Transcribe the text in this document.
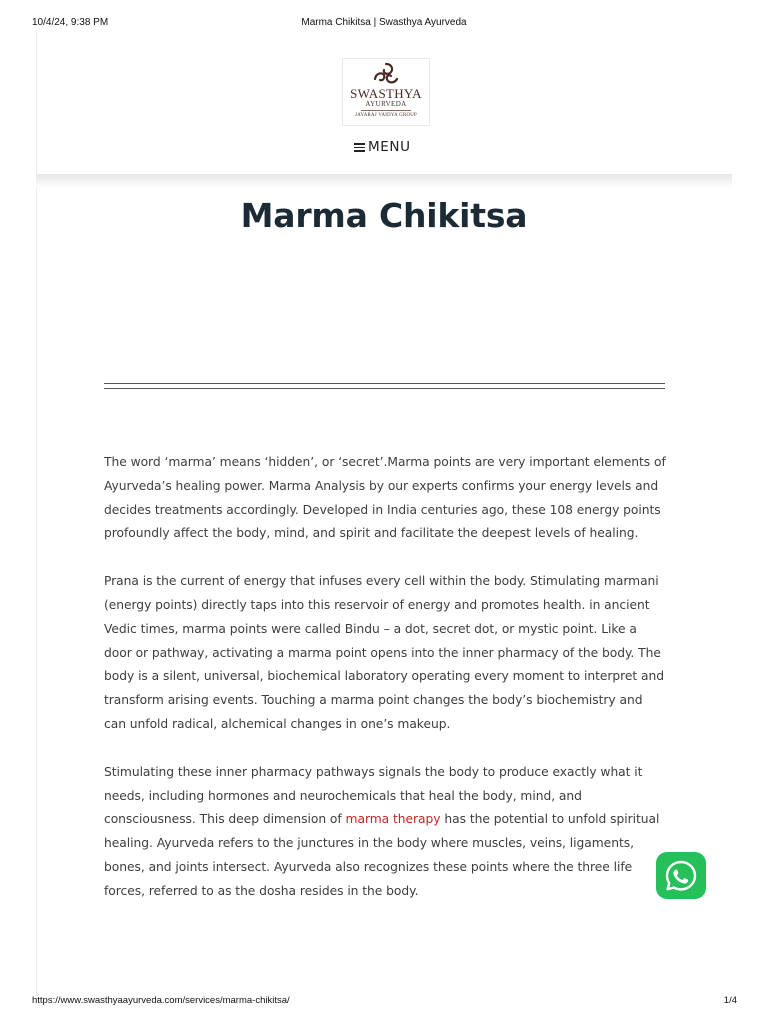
10/4/24, 9:38 PM	Marma Chikitsa | Swasthya Ayurveda
SWASTHYA
AYURVEDA
JAYARAJ VAIDYA GROUP
MENU
Marma Chikitsa

The word ‘marma’ means ‘hidden’, or ‘secret’.Marma points are very important elements of Ayurveda’s healing power. Marma Analysis by our experts confirms your energy levels and decides treatments accordingly. Developed in India centuries ago, these 108 energy points profoundly affect the body, mind, and spirit and facilitate the deepest levels of healing.

Prana is the current of energy that infuses every cell within the body. Stimulating marmani (energy points) directly taps into this reservoir of energy and promotes health. in ancient Vedic times, marma points were called Bindu – a dot, secret dot, or mystic point. Like a door or pathway, activating a marma point opens into the inner pharmacy of the body. The body is a silent, universal, biochemical laboratory operating every moment to interpret and transform arising events. Touching a marma point changes the body’s biochemistry and can unfold radical, alchemical changes in one’s makeup.

Stimulating these inner pharmacy pathways signals the body to produce exactly what it needs, including hormones and neurochemicals that heal the body, mind, and consciousness. This deep dimension of marma therapy has the potential to unfold spiritual healing. Ayurveda refers to the junctures in the body where muscles, veins, ligaments, bones, and joints intersect. Ayurveda also recognizes these points where the three life forces, referred to as the dosha resides in the body.

https://www.swasthyaayurveda.com/services/marma-chikitsa/	1/4
